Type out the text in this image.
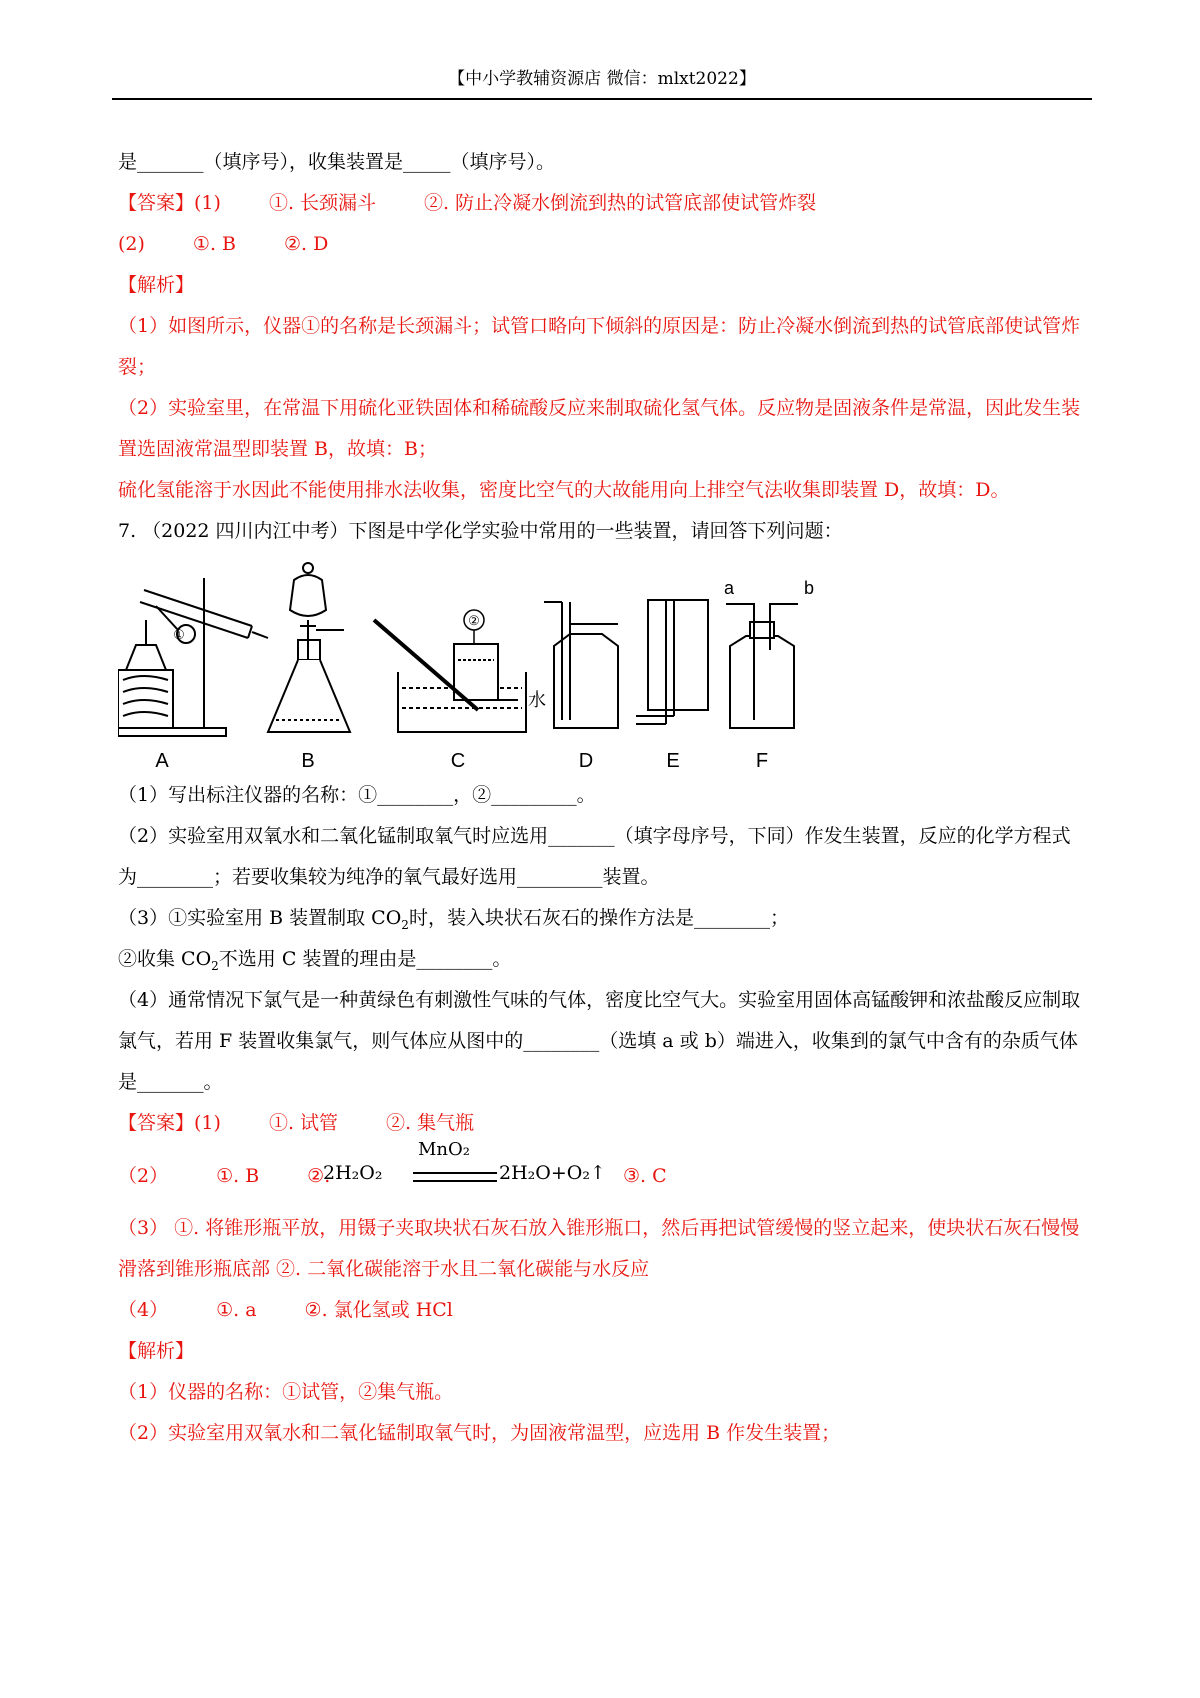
【中小学教辅资源店 微信：mlxt2022】
是_______（填序号），收集装置是_____（填序号）。
【答案】(1)	①. 长颈漏斗	②. 防止冷凝水倒流到热的试管底部使试管炸裂
(2)	①. B	②. D
【解析】
（1）如图所示，仪器①的名称是长颈漏斗；试管口略向下倾斜的原因是：防止冷凝水倒流到热的试管底部使试管炸裂；
（2）实验室里，在常温下用硫化亚铁固体和稀硫酸反应来制取硫化氢气体。反应物是固液条件是常温，因此发生装置选固液常温型即装置 B，故填：B；
硫化氢能溶于水因此不能使用排水法收集，密度比空气的大故能用向上排空气法收集即装置 D，故填：D。
7. （2022 四川内江中考）下图是中学化学实验中常用的一些装置，请回答下列问题：
①
A	B
②
水
C	D	E
a	b
F
（1）写出标注仪器的名称：①________，②_________。
（2）实验室用双氧水和二氧化锰制取氧气时应选用_______（填字母序号，下同）作发生装置，反应的化学方程式为________；若要收集较为纯净的氧气最好选用_________装置。
（3）①实验室用 B 装置制取 $CO_2$时，装入块状石灰石的操作方法是________；
②收集 $CO_2$不选用 C 装置的理由是________。
（4）通常情况下氯气是一种黄绿色有刺激性气味的气体，密度比空气大。实验室用固体高锰酸钾和浓盐酸反应制取氯气，若用 F 装置收集氯气，则气体应从图中的________（选填 a 或 b）端进入，收集到的氯气中含有的杂质气体是_______。
【答案】(1)	①. 试管	②. 集气瓶
（2）	①. B	②.
2H₂O₂
MnO₂
2H₂O+O₂↑ ③. C
（3） ①. 将锥形瓶平放，用镊子夹取块状石灰石放入锥形瓶口，然后再把试管缓慢的竖立起来，使块状石灰石慢慢滑落到锥形瓶底部 ②. 二氧化碳能溶于水且二氧化碳能与水反应
（4）	①. a	②. 氯化氢或 HCl
【解析】
（1）仪器的名称：①试管，②集气瓶。
（2）实验室用双氧水和二氧化锰制取氧气时，为固液常温型，应选用 B 作发生装置；
